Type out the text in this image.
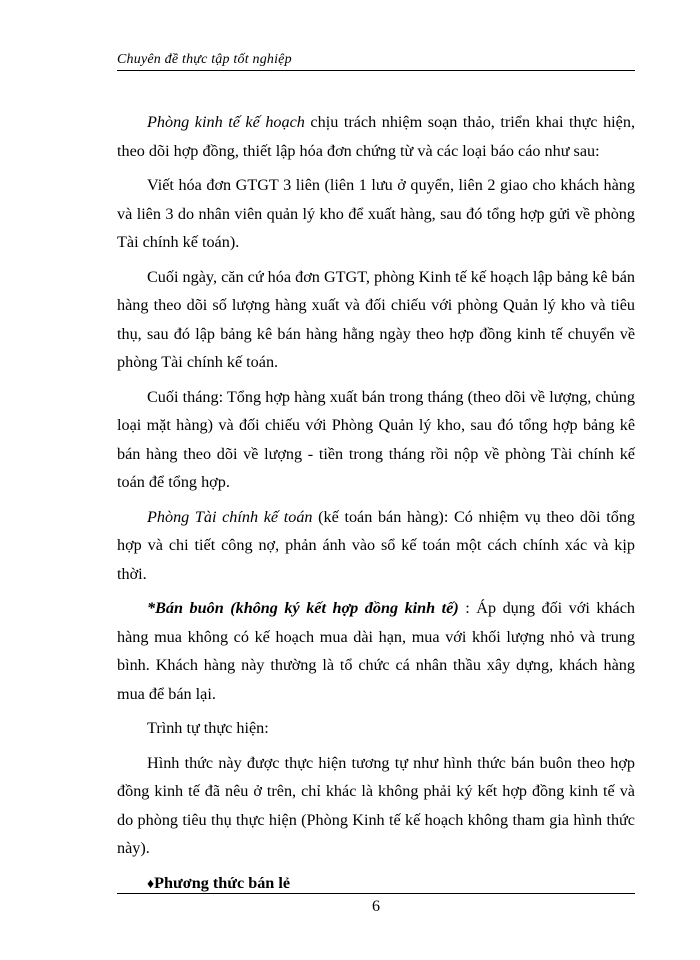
Chuyên đề thực tập tốt nghiệp

Phòng kinh tế kế hoạch chịu trách nhiệm soạn thảo, triển khai thực hiện, theo dõi hợp đồng, thiết lập hóa đơn chứng từ và các loại báo cáo như sau:

Viết hóa đơn GTGT 3 liên (liên 1 lưu ở quyển, liên 2 giao cho khách hàng và liên 3 do nhân viên quản lý kho để xuất hàng, sau đó tổng hợp gửi về phòng Tài chính kế toán).

Cuối ngày, căn cứ hóa đơn GTGT, phòng Kinh tế kế hoạch lập bảng kê bán hàng theo dõi số lượng hàng xuất và đối chiếu với phòng Quản lý kho và tiêu thụ, sau đó lập bảng kê bán hàng hằng ngày theo hợp đồng kinh tế chuyển về phòng Tài chính kế toán.

Cuối tháng: Tổng hợp hàng xuất bán trong tháng (theo dõi về lượng, chủng loại mặt hàng) và đối chiếu với Phòng Quản lý kho, sau đó tổng hợp bảng kê bán hàng theo dõi về lượng - tiền trong tháng rồi nộp về phòng Tài chính kế toán để tổng hợp.

Phòng Tài chính kế toán (kế toán bán hàng): Có nhiệm vụ theo dõi tổng hợp và chi tiết công nợ, phản ánh vào sổ kế toán một cách chính xác và kịp thời.

*Bán buôn (không ký kết hợp đồng kinh tế) : Áp dụng đối với khách hàng mua không có kế hoạch mua dài hạn, mua với khối lượng nhỏ và trung bình. Khách hàng này thường là tổ chức cá nhân thầu xây dựng, khách hàng mua để bán lại.

Trình tự thực hiện:

Hình thức này được thực hiện tương tự như hình thức bán buôn theo hợp đồng kinh tế đã nêu ở trên, chỉ khác là không phải ký kết hợp đồng kinh tế và do phòng tiêu thụ thực hiện (Phòng Kinh tế kế hoạch không tham gia hình thức này).

♦Phương thức bán lẻ

6
